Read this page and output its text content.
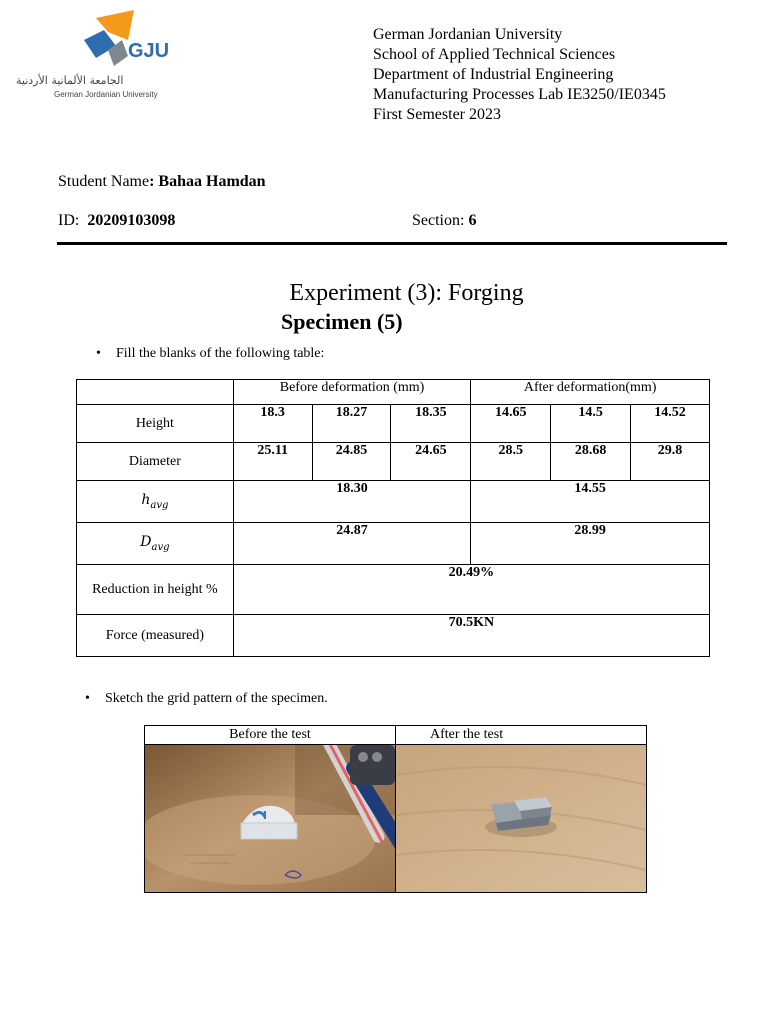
GJU
الجامعة الألمانية الأردنية
German Jordanian University
German Jordanian University
School of Applied Technical Sciences
Department of Industrial Engineering
Manufacturing Processes Lab IE3250/IE0345
First Semester 2023
Student Name: Bahaa Hamdan
ID: 20209103098	Section: 6
Experiment (3): Forging
Specimen (5)
• Fill the blanks of the following table:
	Before deformation (mm)			After deformation(mm)		
Height	18.3	18.27	18.35	14.65	14.5	14.52
Diameter	25.11	24.85	24.65	28.5	28.68	29.8
$h_{avg}$	18.30			14.55		
$D_{avg}$	24.87			28.99		
Reduction in height %	20.49%					
Force (measured)	70.5KN					
• Sketch the grid pattern of the specimen.
Before the test	After the test
